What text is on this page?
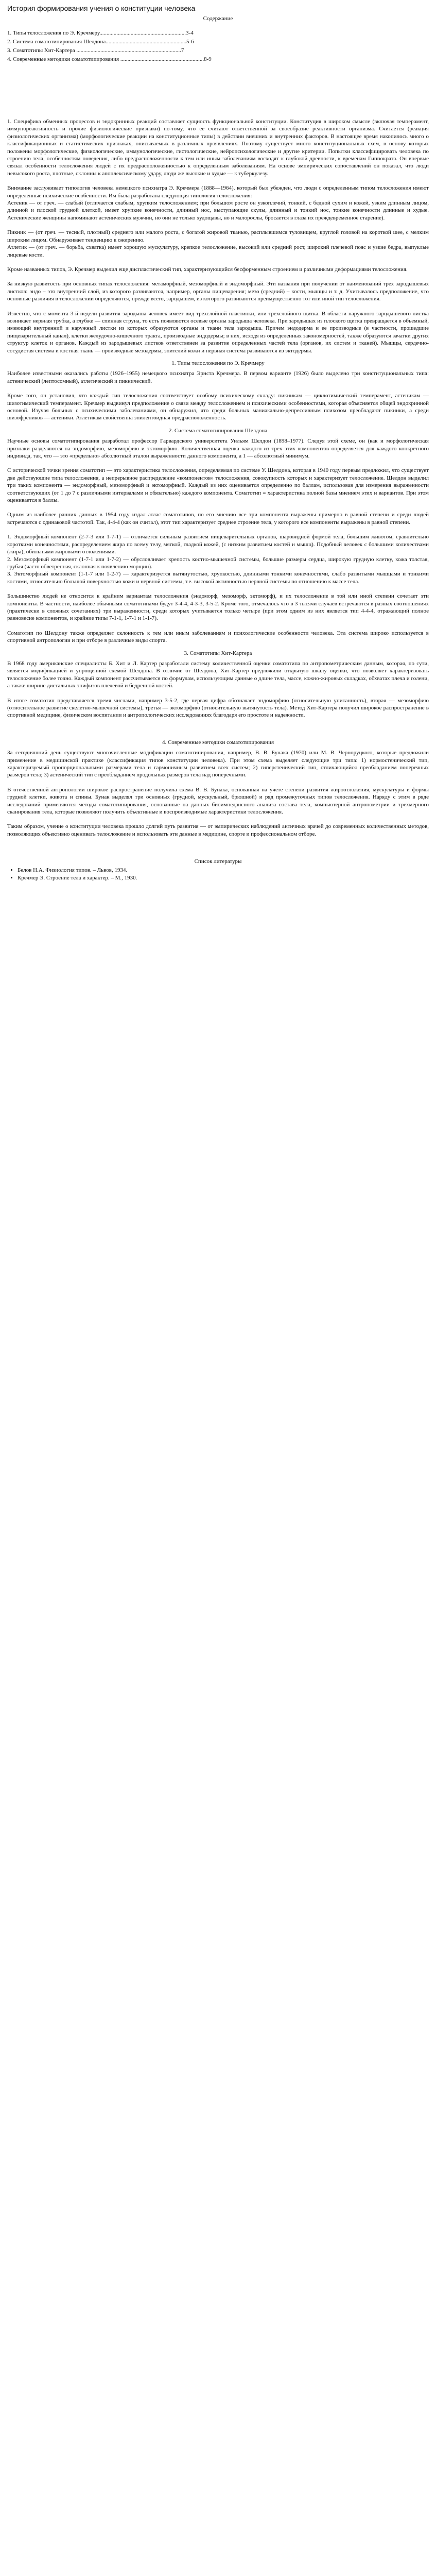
История формирования учения о конституции человека
Содержание
1. Типы телосложения по Э. Кречмеру.............................................................3-4
2. Система соматотипирования Шелдона.........................................................5-6
3. Соматотипы Хит-Картера ..........................................................................7
4. Современные методики соматотипирования ...........................................................8-9

1. Специфика обменных процессов и эндокринных реакций составляет сущность функциональной конституции. Конституция в широком смысле (включая темперамент, иммунореактивность и прочие физиологические признаки) по-тому, что ее считают ответственной за своеобразие реактивности организма. Считается (реакция физиологических организма) (морфологические реакции на конституционные типы) в действии внешних и внутренних факторов. В настоящее время накопилось много о классификационных и статистических признаках, описываемых в различных проявлениях. Поэтому существует много конституциональных схем, в основу которых положены морфологические, физиологические, иммунологические, гистологические, нейропсихологические и другие критерии. Попытки классифицировать человека по строению тела, особенностям поведения, либо предрасположенности к тем или иным заболеваниям восходят к глубокой древности, к временам Гиппократа. Он впервые связал особенности телосложения людей с их предрасположенностью к определенным заболеваниям. На основе эмпирических сопоставлений он показал, что люди невысокого роста, плотные, склонны к апоплексическому удару, люди же высокие и худые — к туберкулезу.

Внимание заслуживает типология человека немецкого психиатра Э. Кречмера (1888—1964), который был убежден, что люди с определенным типом телосложения имеют определенные психические особенности. Им была разработана следующая типология телосложения:

Астеник — от греч. — слабый (отличается слабым, хрупким телосложением; при большом росте он узкоплечий, тонкий, с бедной сухим и кожей, узким длинным лицом, длинной и плоской грудной клеткой, имеет хрупкие конечности, длинный нос, выступающие скулы, длинный и тонкий нос, тонкие конечности длинные и худые. Астенические женщины напоминают астенических мужчин, но они не только худощавы, но и малорослы, бросается в глаза их преждевременное старение).

Пикник — (от греч. — тесный, плотный) среднего или малого роста, с богатой жировой тканью, расплывшимся туловищем, круглой головой на короткой шее, с мелким широким лицом. Обнаруживает тенденцию к ожирению.

Атлетик — (от греч. — борьба, схватка) имеет хорошую мускулатуру, крепкое телосложение, высокий или средний рост, широкий плечевой пояс и узкие бедра, выпуклые лицевые кости.

Кроме названных типов, Э. Кречмер выделил еще диспластический тип, характеризующийся бесформенным строением и различными деформациями телосложения.

За низкую развитость при основных типах телосложения: метаморфный, мезоморфный и эндоморфный. Эти названия при получении от наименований трех зародышевых листков: эндо – это внутренний слой, из которого развиваются, например, органы пищеварения; мезо (средний) – кости, мышцы и т. д. Учитывалось предположение, что основные различия в телосложении определяются, прежде всего, зародышем, из которого развиваются преимущественно тот или иной тип телосложения.

Известно, что с момента 3-й недели развития зародыша человек имеет вид трехслойной пластинки, или трехслойного щитка. В области наружного зародышевого листка возникает нервная трубка, а глубже — спинная струна, то есть появляются осевые органы зародыша человека. При зародышах из плоского щитка превращается в объемный, имеющий внутренний и наружный листки из которых образуются органы и ткани тела зародыша. Причем эндодерма и ее производные (в частности, прошедшие пищеварительный канал), клетки желудочно-кишечного тракта, производные эндодермы; в них, исходя из определенных закономерностей, также образуются зачатки других структур клеток и органов. Каждый из зародышевых листков ответственен за развитие определенных частей тела (органов, их систем и тканей). Мышцы, сердечно-сосудистая система и костная ткань — производные мезодермы, эпителий кожи и нервная система развиваются из эктодермы.

1. Типы телосложения по Э. Кречмеру

Наиболее известными оказались работы (1926–1955) немецкого психиатра Эрнста Кречмера. В первом варианте (1926) было выделено три конституциональных типа: астенический (лептосомный), атлетический и пикнический.

Кроме того, он установил, что каждый тип телосложения соответствует особому психическому складу: пикникам — циклотимический темперамент, астеникам — шизотимический темперамент. Кречмер выдвинул предположение о связи между телосложением и психическими особенностями, которая объясняется общей эндокринной основой. Изучая больных с психическими заболеваниями, он обнаружил, что среди больных маниакально-депрессивным психозом преобладают пикники, а среди шизофреников — астеники. Атлетикам свойственна эпилептоидная предрасположенность.

2. Система соматотипирования Шелдона

Научные основы соматотипирования разработал профессор Гарвардского университета Уильям Шелдон (1898–1977). Следуя этой схеме, он (как и морфологическая признаки разделяются на эндоморфию, мезоморфию и эктоморфию. Количественная оценка каждого из трех этих компонентов определяется для каждого конкретного индивида, так, что — это «предельно» абсолютный эталон выраженности данного компонента, а 1 — абсолютный минимум.

С исторической точки зрения соматотип — это характеристика телосложения, определяемая по системе У. Шелдона, которая в 1940 году первым предложил, что существует две действующие типа телосложения, а непрерывное распределение «компонентов» телосложения, совокупность которых и характеризует телосложение. Шелдон выделил три таких компонента — эндоморфный, мезоморфный и эктоморфный. Каждый из них оценивается определенно по баллам, использовав для измерения выраженности соответствующих (от 1 до 7 с различными интервалами и обязательно) каждого компонента. Соматотип = характеристика полной базы мнением этих и вариантов. При этом оценивается в баллы.

Одним из наиболее ранних данных в 1954 году издал атлас соматотипов, по его мнению все три компонента выражены примерно в равной степени и среди людей встречаются с одинаковой частотой. Так, 4-4-4 (как он считал), этот тип характеризует среднее строение тела, у которого все компоненты выражены в равной степени.

1. Эндоморфный компонент (2-7-3 или 1-7-1) — отличается сильным развитием пищеварительных органов, шаровидной формой тела, большим животом, сравнительно короткими конечностями, распределением жира по всему телу, мягкой, гладкой кожей, (с низким развитием костей и мышц). Подобный человек с большими количествами (жира), обильными жировыми отложениями.

2. Мезоморфный компонент (1-7-1 или 1-7-2) — обусловливает крепость костно-мышечной системы, большие размеры сердца, широкую грудную клетку, кожа толстая, грубая (часто обветренная, склонная к появлению морщин).

3. Эктоморфный компонент (1-1-7 или 1-2-7) — характеризуется вытянутостью, хрупкостью, длинными тонкими конечностями, слабо развитыми мышцами и тонкими костями, относительно большой поверхностью кожи и нервной системы, т.е. высокой активностью нервной системы по отношению к массе тела.

Большинство людей не относится к крайним вариантам телосложения (эндоморф, мезоморф, эктоморф), и их телосложение в той или иной степени сочетает эти компоненты. В частности, наиболее обычными соматотипами будут 3-4-4, 4-3-3, 3-5-2. Кроме того, отмечалось что в 3 тысячи случаев встречаются в разных соотношениях (практически в сложных сочетаниях) три выраженности, среди которых учитывается только четыре (при этом одним из них является тип 4-4-4, отражающий полное равновесие компонентов, и крайние типы 7-1-1, 1-7-1 и 1-1-7).

Соматотип по Шелдону также определяет склонность к тем или иным заболеваниям и психологические особенности человека. Эта система широко используется в спортивной антропологии и при отборе в различные виды спорта.

3. Соматотипы Хит-Картера

В 1968 году американские специалисты Б. Хит и Л. Картер разработали систему количественной оценки соматотипа по антропометрическим данным, которая, по сути, является модификацией и упрощенной схемой Шелдона. В отличие от Шелдона, Хит-Картер предложили открытую шкалу оценки, что позволяет характеризовать телосложение более точно. Каждый компонент рассчитывается по формулам, использующим данные о длине тела, массе, кожно-жировых складках, обхватах плеча и голени, а также ширине дистальных эпифизов плечевой и бедренной костей.

В итоге соматотип представляется тремя числами, например 3-5-2, где первая цифра обозначает эндоморфию (относительную упитанность), вторая — мезоморфию (относительное развитие скелетно-мышечной системы), третья — эктоморфию (относительную вытянутость тела). Метод Хит-Картера получил широкое распространение в спортивной медицине, физическом воспитании и антропологических исследованиях благодаря его простоте и надежности.

4. Современные методики соматотипирования

За сегодняшний день существуют многочисленные модификации соматотипирования, например, В. В. Бунака (1970) или М. В. Черноруцкого, которые предложили применение в медицинской практике (классификация типов конституции человека). При этом схема выделяет следующие три типа: 1) нормостенический тип, характеризуемый пропорциональными размерами тела и гармоничным развитием всех систем; 2) гиперстенический тип, отличающийся преобладанием поперечных размеров тела; 3) астенический тип с преобладанием продольных размеров тела над поперечными.

В отечественной антропологии широкое распространение получила схема В. В. Бунака, основанная на учете степени развития жироотложения, мускулатуры и формы грудной клетки, живота и спины. Бунак выделял три основных (грудной, мускульный, брюшной) и ряд промежуточных типов телосложения. Наряду с этим в ряде исследований применяются методы соматотипирования, основанные на данных биоимпедансного анализа состава тела, компьютерной антропометрии и трехмерного сканирования тела, которые позволяют получить объективные и воспроизводимые характеристики телосложения.

Таким образом, учение о конституции человека прошло долгий путь развития — от эмпирических наблюдений античных врачей до современных количественных методов, позволяющих объективно оценивать телосложение и использовать эти данные в медицине, спорте и профессиональном отборе.

Список литературы
• Белов Н.А. Физиология типов. – Львов, 1934.
• Кречмер Э. Строение тела и характер. – М., 1930.
